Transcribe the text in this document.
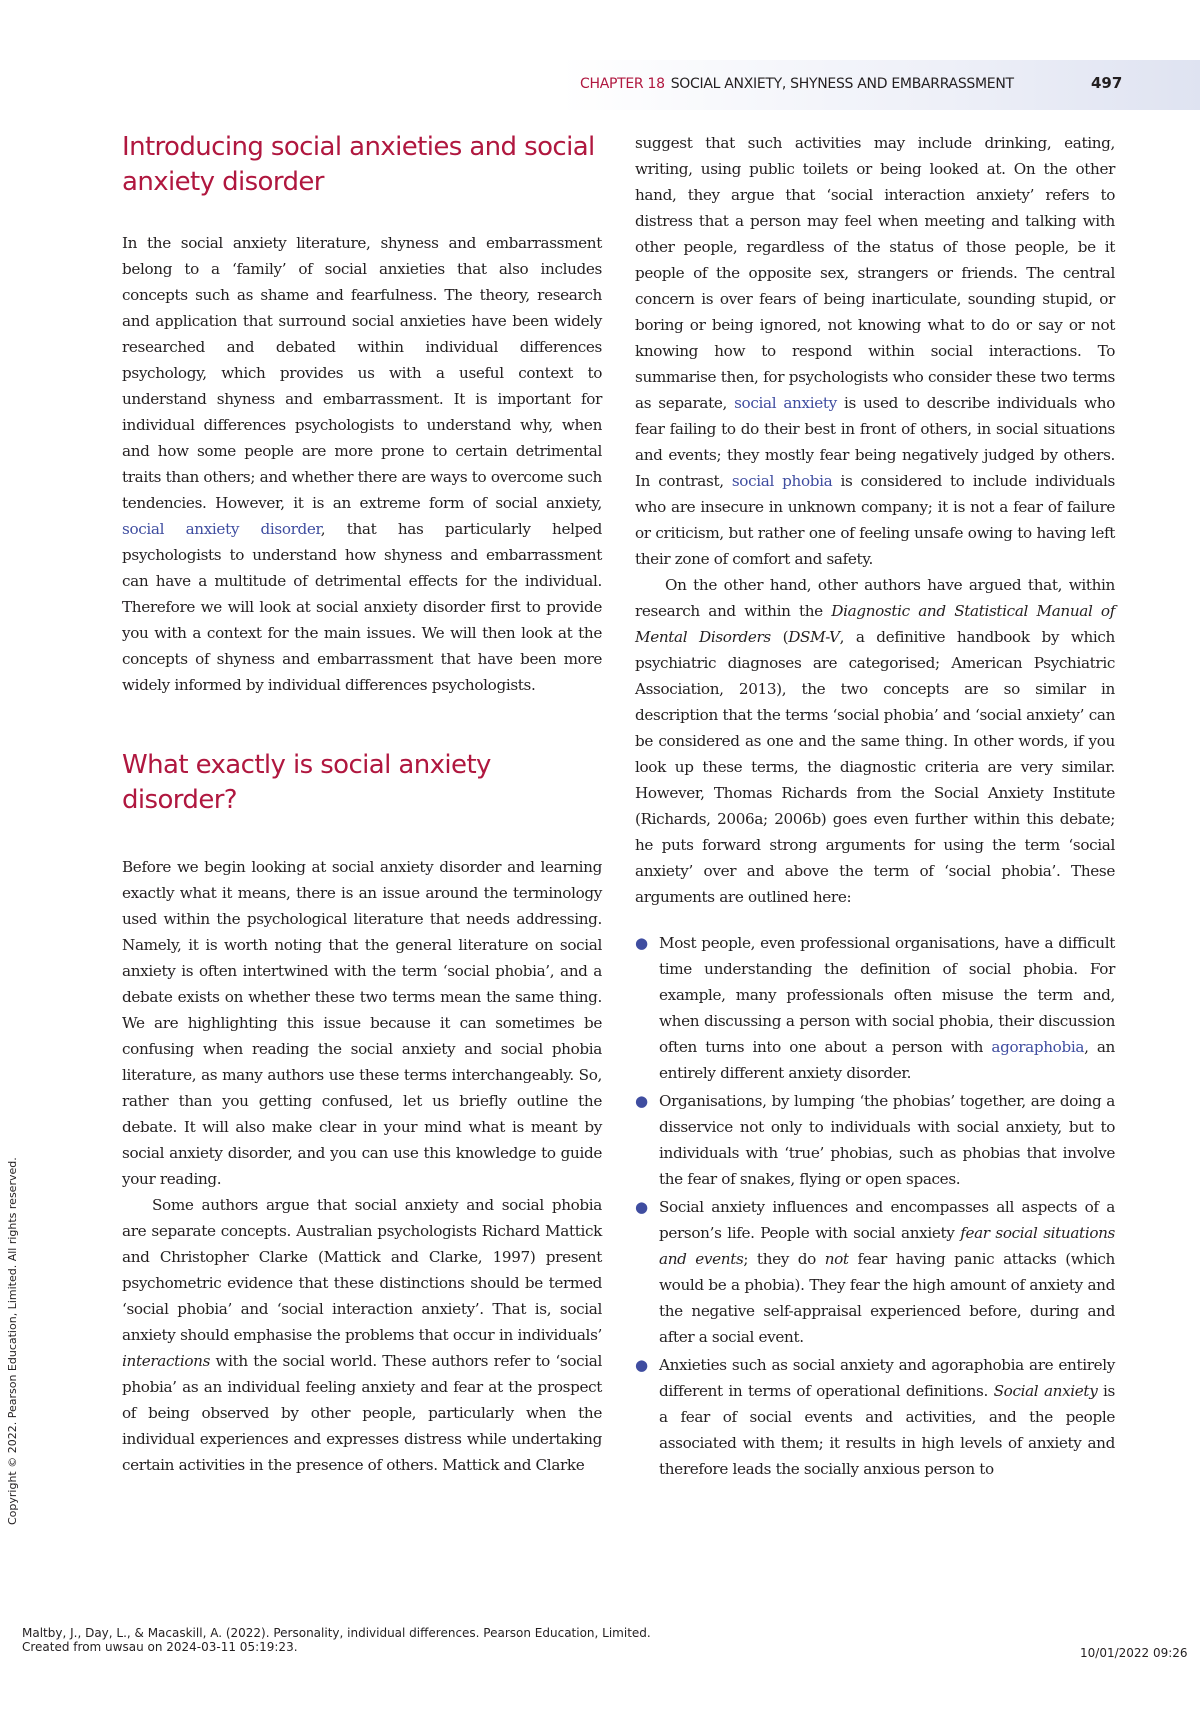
CHAPTER 18 SOCIAL ANXIETY, SHYNESS AND EMBARRASSMENT	497
Introducing social anxieties and social anxiety disorder

In the social anxiety literature, shyness and embarrassment belong to a ‘family’ of social anxieties that also includes concepts such as shame and fearfulness. The theory, research and application that surround social anxieties have been widely researched and debated within individual differences psychology, which provides us with a useful context to understand shyness and embarrassment. It is important for individual differences psychologists to understand why, when and how some people are more prone to certain detrimental traits than others; and whether there are ways to overcome such tendencies. However, it is an extreme form of social anxiety, social anxiety disorder, that has particularly helped psychologists to understand how shyness and embarrassment can have a multitude of detrimental effects for the individual. Therefore we will look at social anxiety disorder first to provide you with a context for the main issues. We will then look at the concepts of shyness and embarrassment that have been more widely informed by individual differences psychologists.

What exactly is social anxiety disorder?

Before we begin looking at social anxiety disorder and learning exactly what it means, there is an issue around the terminology used within the psychological literature that needs addressing. Namely, it is worth noting that the general literature on social anxiety is often intertwined with the term ‘social phobia’, and a debate exists on whether these two terms mean the same thing. We are highlighting this issue because it can sometimes be confusing when reading the social anxiety and social phobia literature, as many authors use these terms interchangeably. So, rather than you getting confused, let us briefly outline the debate. It will also make clear in your mind what is meant by social anxiety disorder, and you can use this knowledge to guide your reading.

Some authors argue that social anxiety and social phobia are separate concepts. Australian psychologists Richard Mattick and Christopher Clarke (Mattick and Clarke, 1997) present psychometric evidence that these distinctions should be termed ‘social phobia’ and ‘social interaction anxiety’. That is, social anxiety should emphasise the problems that occur in individuals’ interactions with the social world. These authors refer to ‘social phobia’ as an individual feeling anxiety and fear at the prospect of being observed by other people, particularly when the individual experiences and expresses distress while undertaking certain activities in the presence of others. Mattick and Clarke

suggest that such activities may include drinking, eating, writing, using public toilets or being looked at. On the other hand, they argue that ‘social interaction anxiety’ refers to distress that a person may feel when meeting and talking with other people, regardless of the status of those people, be it people of the opposite sex, strangers or friends. The central concern is over fears of being inarticulate, sounding stupid, or boring or being ignored, not knowing what to do or say or not knowing how to respond within social interactions. To summarise then, for psychologists who consider these two terms as separate, social anxiety is used to describe individuals who fear failing to do their best in front of others, in social situations and events; they mostly fear being negatively judged by others. In contrast, social phobia is considered to include individuals who are insecure in unknown company; it is not a fear of failure or criticism, but rather one of feeling unsafe owing to having left their zone of comfort and safety.

On the other hand, other authors have argued that, within research and within the Diagnostic and Statistical Manual of Mental Disorders (DSM-V, a definitive handbook by which psychiatric diagnoses are categorised; American Psychiatric Association, 2013), the two concepts are so similar in description that the terms ‘social phobia’ and ‘social anxiety’ can be considered as one and the same thing. In other words, if you look up these terms, the diagnostic criteria are very similar. However, Thomas Richards from the Social Anxiety Institute (Richards, 2006a; 2006b) goes even further within this debate; he puts forward strong arguments for using the term ‘social anxiety’ over and above the term of ‘social phobia’. These arguments are outlined here:

● Most people, even professional organisations, have a difficult time understanding the definition of social phobia. For example, many professionals often misuse the term and, when discussing a person with social phobia, their discussion often turns into one about a person with agoraphobia, an entirely different anxiety disorder.
● Organisations, by lumping ‘the phobias’ together, are doing a disservice not only to individuals with social anxiety, but to individuals with ‘true’ phobias, such as phobias that involve the fear of snakes, flying or open spaces.
● Social anxiety influences and encompasses all aspects of a person’s life. People with social anxiety fear social situations and events; they do not fear having panic attacks (which would be a phobia). They fear the high amount of anxiety and the negative self-appraisal experienced before, during and after a social event.
● Anxieties such as social anxiety and agoraphobia are entirely different in terms of operational definitions. Social anxiety is a fear of social events and activities, and the people associated with them; it results in high levels of anxiety and therefore leads the socially anxious person to
Copyright © 2022. Pearson Education, Limited. All rights reserved.
Maltby, J., Day, L., & Macaskill, A. (2022). Personality, individual differences. Pearson Education, Limited.
Created from uwsau on 2024-03-11 05:19:23.	10/01/2022 09:26
